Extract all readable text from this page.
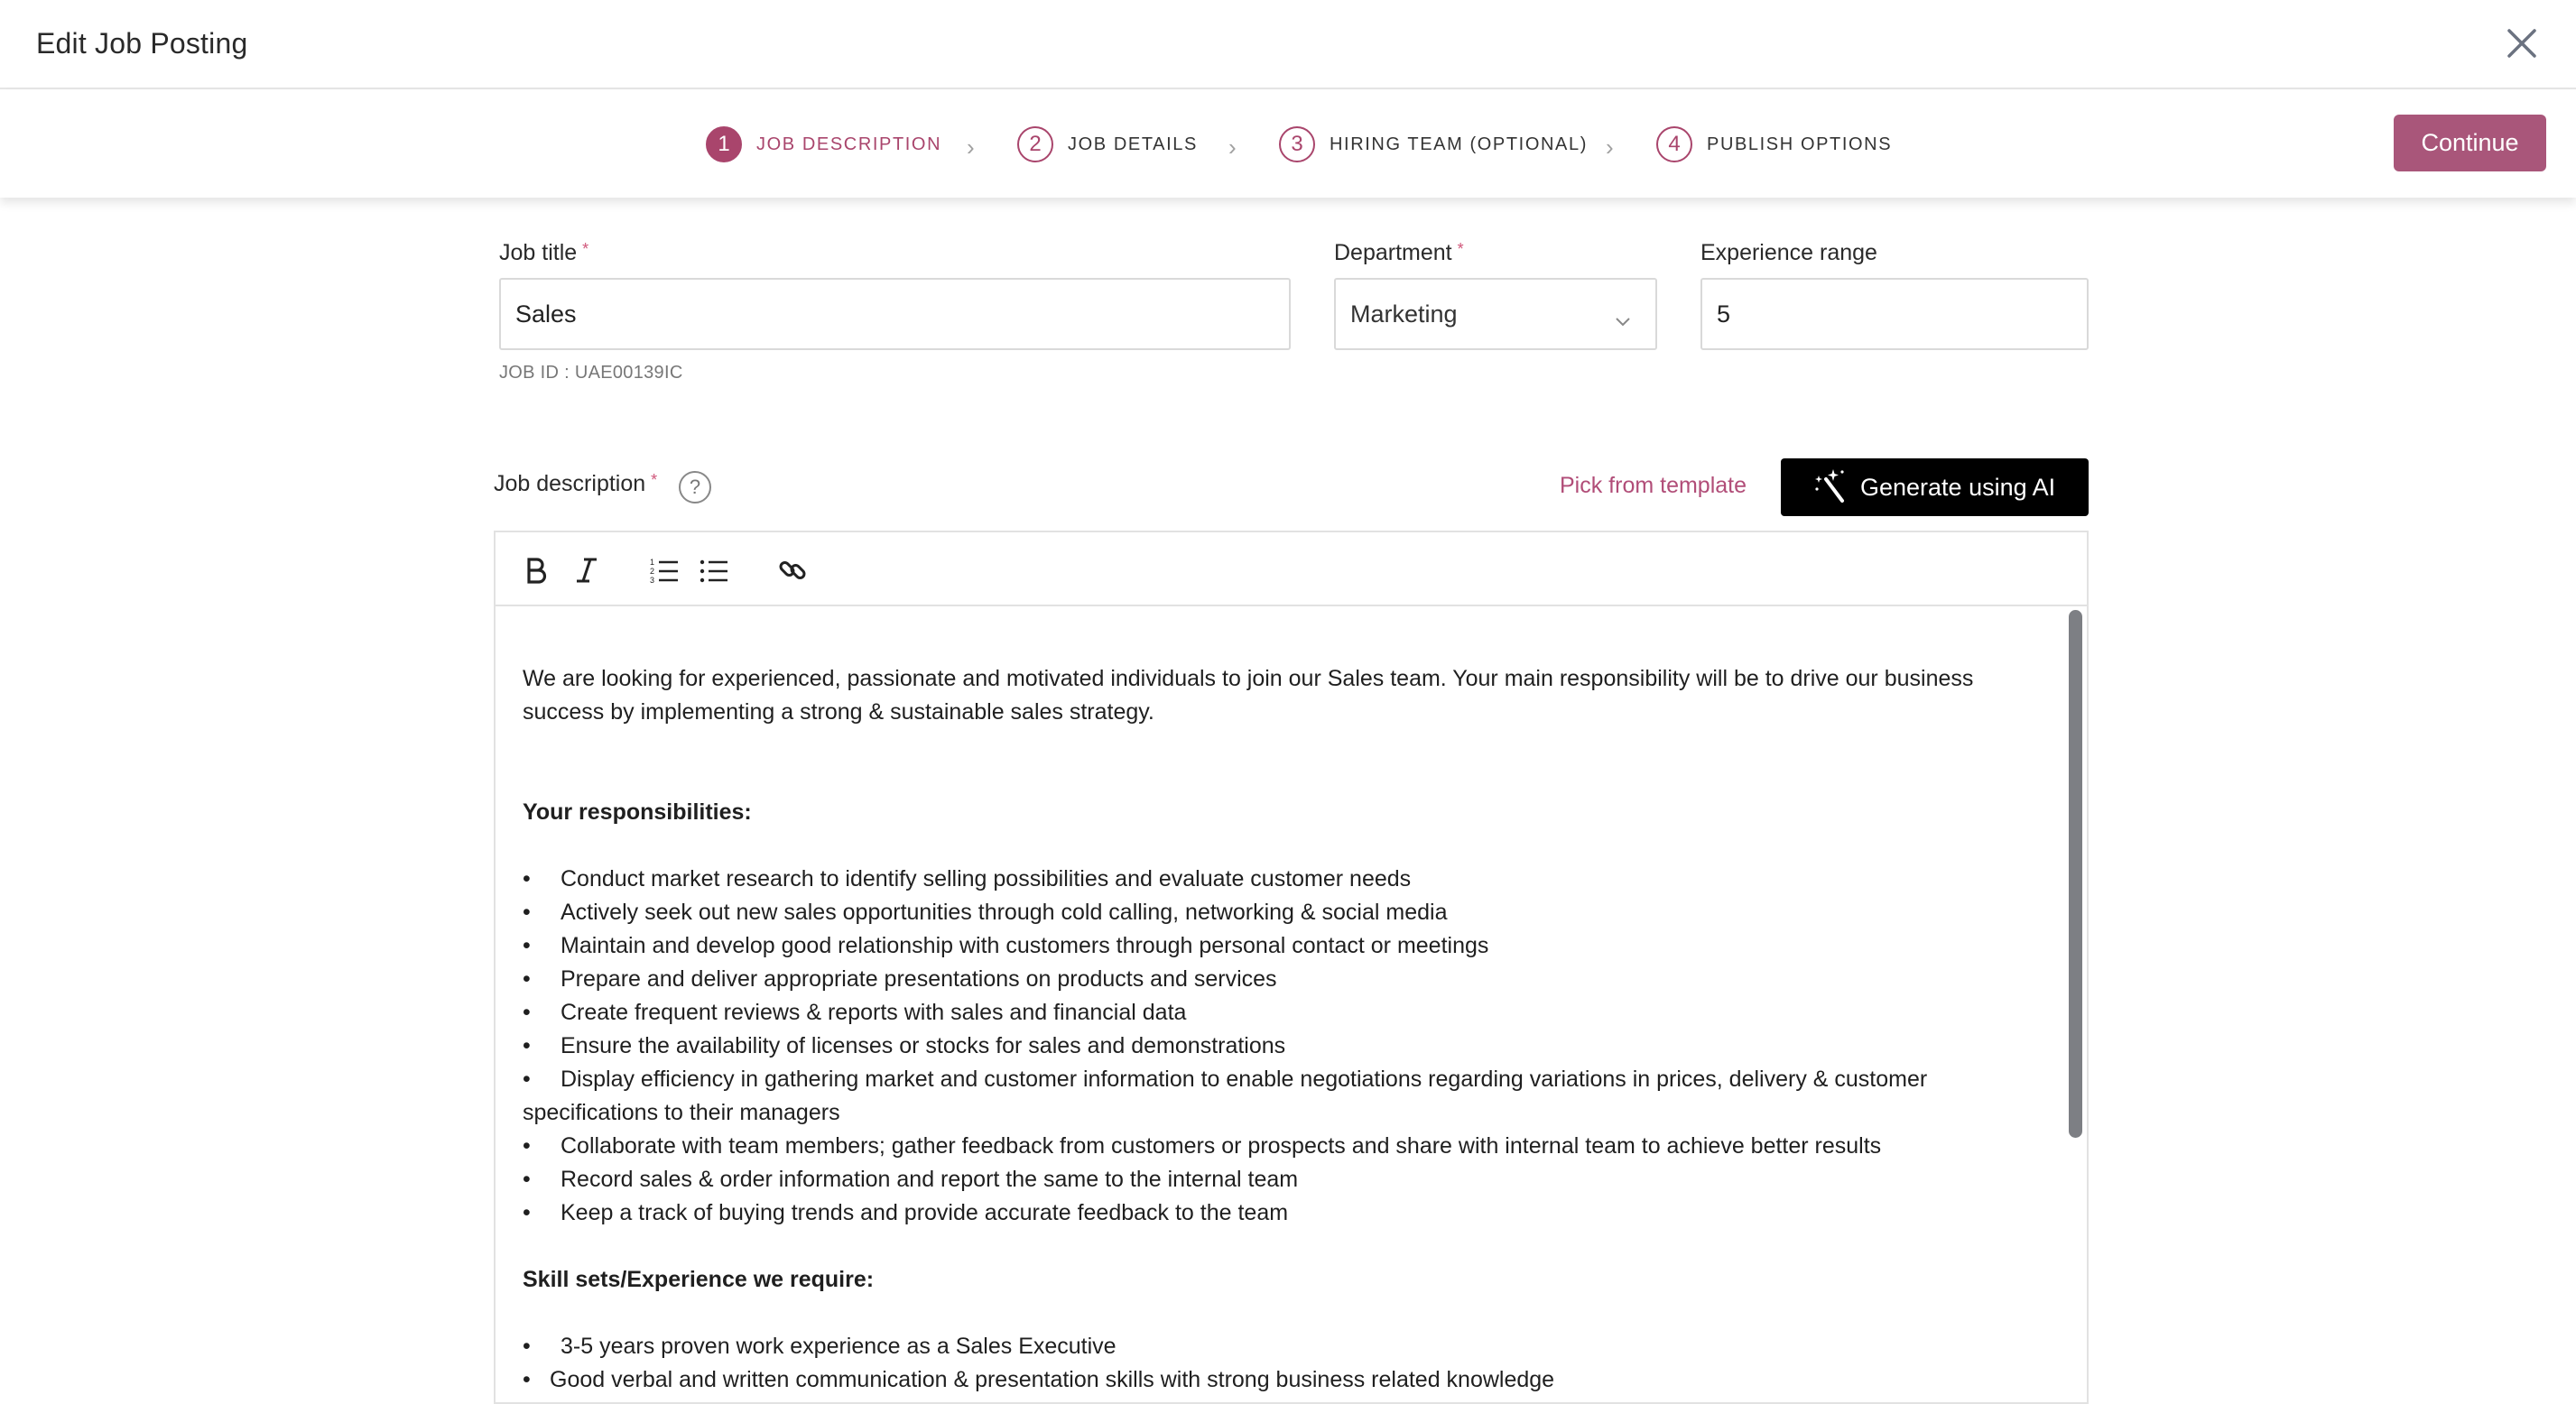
Edit Job Posting
1	JOB DESCRIPTION	2	JOB DETAILS	3	HIRING TEAM (OPTIONAL)	4	PUBLISH OPTIONS
›	›	›	Continue
Job title *
Sales	Department *
Marketing
Experience range
5
JOB ID : UAE00139IC
Job description *	?	Pick from template	Generate using AI
1
2
3

We are looking for experienced, passionate and motivated individuals to join our Sales team. Your main responsibility will be to drive our business success by implementing a strong & sustainable sales strategy.

Your responsibilities:

•	Conduct market research to identify selling possibilities and evaluate customer needs
•	Actively seek out new sales opportunities through cold calling, networking & social media
•	Maintain and develop good relationship with customers through personal contact or meetings
•	Prepare and deliver appropriate presentations on products and services
•	Create frequent reviews & reports with sales and financial data
•	Ensure the availability of licenses or stocks for sales and demonstrations
• Display efficiency in gathering market and customer information to enable negotiations regarding variations in prices, delivery & customer specifications to their managers
•	Collaborate with team members; gather feedback from customers or prospects and share with internal team to achieve better results
•	Record sales & order information and report the same to the internal team
•	Keep a track of buying trends and provide accurate feedback to the team

Skill sets/Experience we require:

•	3-5 years proven work experience as a Sales Executive
• Good verbal and written communication & presentation skills with strong business related knowledge
